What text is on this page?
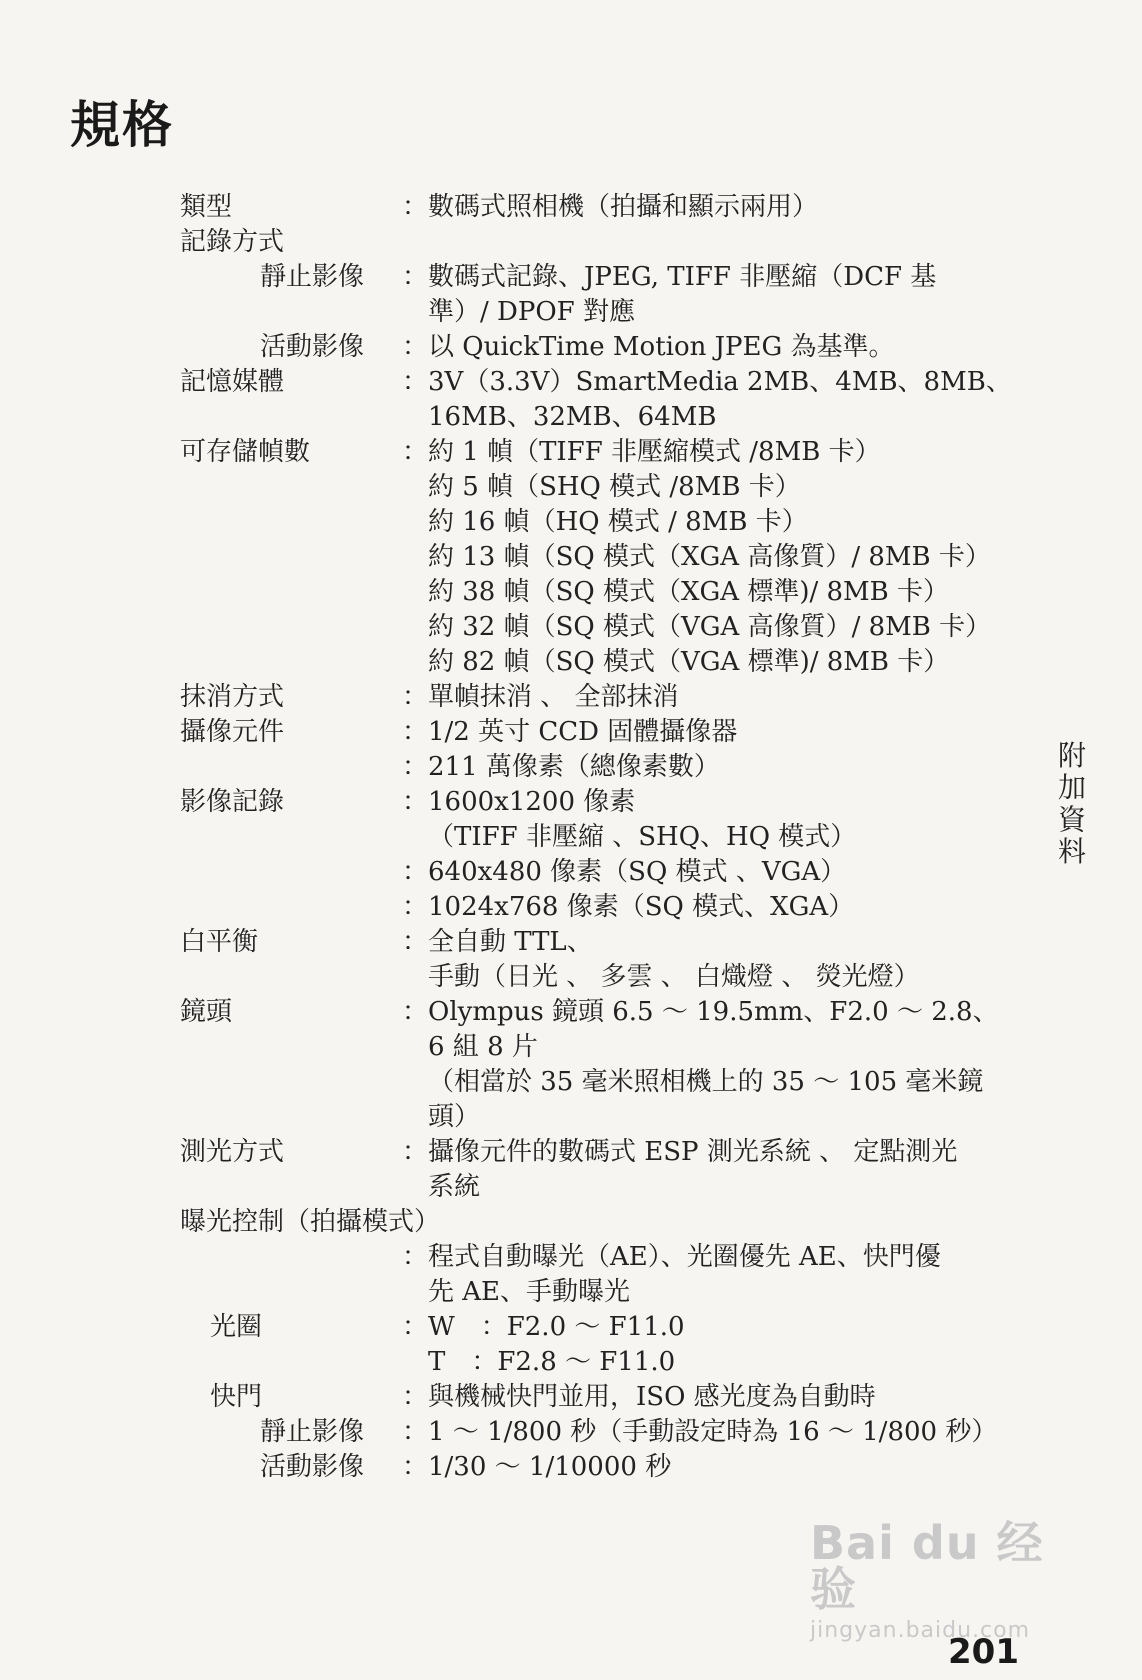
規格
類型	： 數碼式照相機（拍攝和顯示兩用）
記錄方式
靜止影像 ： 數碼式記錄、JPEG, TIFF 非壓縮（DCF 基
準）/ DPOF 對應
活動影像 ： 以 QuickTime Motion JPEG 為基準。
記憶媒體	： 3V（3.3V）SmartMedia 2MB、4MB、8MB、
16MB、32MB、64MB
可存儲幀數	： 約 1 幀（TIFF 非壓縮模式 /8MB 卡）
約 5 幀（SHQ 模式 /8MB 卡）
約 16 幀（HQ 模式 / 8MB 卡）
約 13 幀（SQ 模式（XGA 高像質）/ 8MB 卡）
約 38 幀（SQ 模式（XGA 標準)/ 8MB 卡）
約 32 幀（SQ 模式（VGA 高像質）/ 8MB 卡）
約 82 幀（SQ 模式（VGA 標準)/ 8MB 卡）
抹消方式	： 單幀抹消 、 全部抹消
攝像元件	： 1/2 英寸 CCD 固體攝像器
： 211 萬像素（總像素數）
影像記錄	： 1600x1200 像素
（TIFF 非壓縮 、SHQ、HQ 模式）
： 640x480 像素（SQ 模式 、VGA）
： 1024x768 像素（SQ 模式、XGA）
白平衡	： 全自動 TTL、
手動（日光 、 多雲 、 白熾燈 、 熒光燈）
鏡頭	： Olympus 鏡頭 6.5 ～ 19.5mm、F2.0 ～ 2.8、
6 組 8 片
（相當於 35 毫米照相機上的 35 ～ 105 毫米鏡
頭）
測光方式	： 攝像元件的數碼式 ESP 測光系統 、 定點測光
系統
曝光控制（拍攝模式）
： 程式自動曝光（AE）、光圈優先 AE、快門優
先 AE、手動曝光
光圈	： W　：F2.0 ～ F11.0
T　：F2.8 ～ F11.0
快門	： 與機械快門並用，ISO 感光度為自動時
靜止影像 ： 1 ～ 1/800 秒（手動設定時為 16 ～ 1/800 秒）
活動影像 ： 1/30 ～ 1/10000 秒
附
加
資
料
Bai du 经验
jingyan.baidu.com
201
